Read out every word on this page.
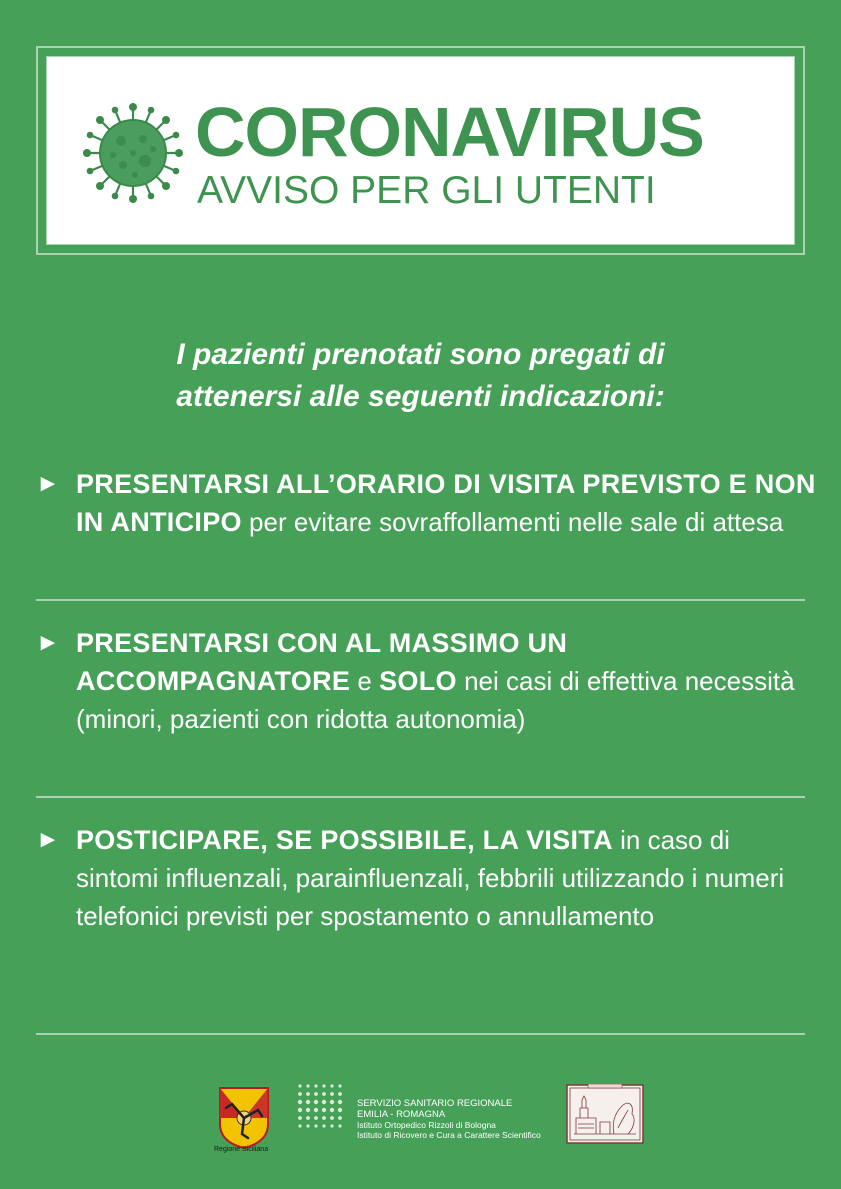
CORONAVIRUS
AVVISO PER GLI UTENTI
I pazienti prenotati sono pregati di
attenersi alle seguenti indicazioni:
► PRESENTARSI ALL’ORARIO DI VISITA PREVISTO E NON IN ANTICIPO per evitare sovraffollamenti nelle sale di attesa
► PRESENTARSI CON AL MASSIMO UN ACCOMPAGNATORE e SOLO nei casi di effettiva necessità (minori, pazienti con ridotta autonomia)
► POSTICIPARE, SE POSSIBILE, LA VISITA in caso di sintomi influenzali, parainfluenzali, febbrili utilizzando i numeri telefonici previsti per spostamento o annullamento
Regione Siciliana
SERVIZIO SANITARIO REGIONALE
EMILIA - ROMAGNA
Istituto Ortopedico Rizzoli di Bologna
Istituto di Ricovero e Cura a Carattere Scientifico
